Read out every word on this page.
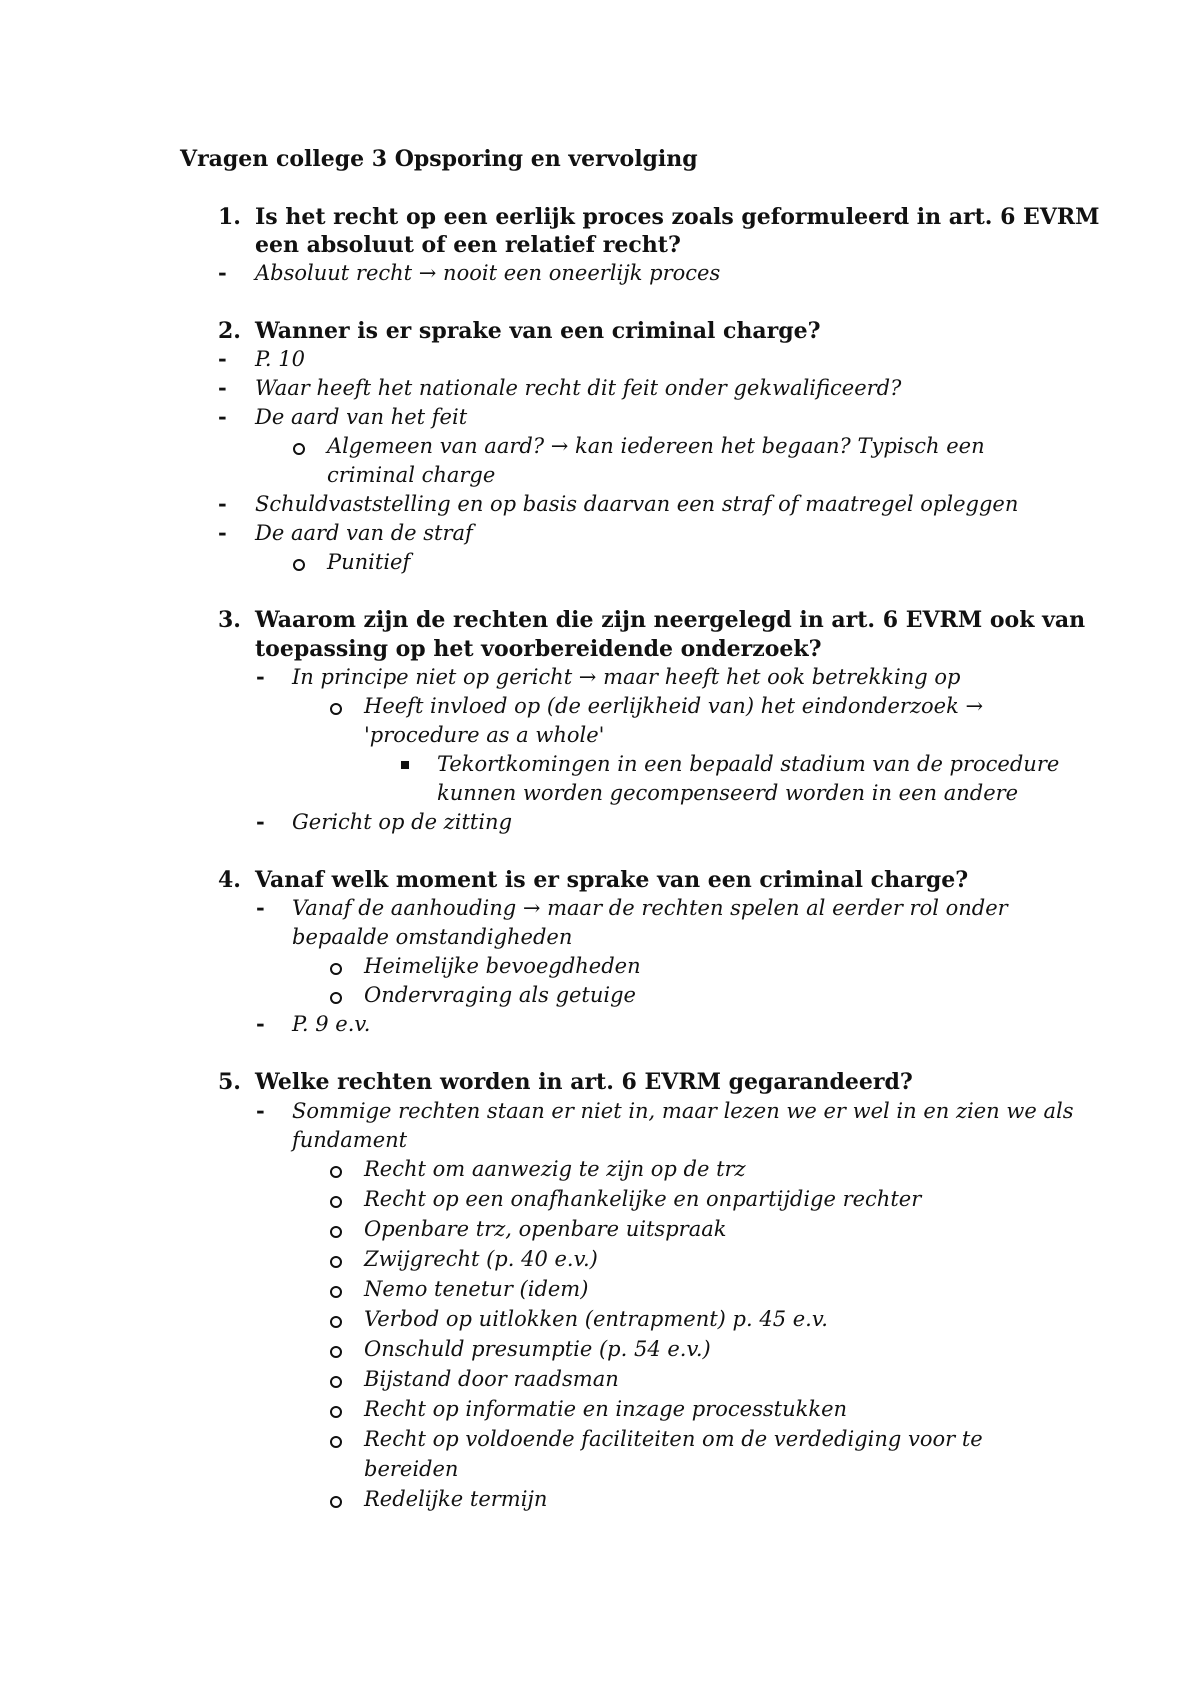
Vragen college 3 Opsporing en vervolging
1. Is het recht op een eerlijk proces zoals geformuleerd in art. 6 EVRM
een absoluut of een relatief recht?
- Absoluut recht → nooit een oneerlijk proces
2. Wanner is er sprake van een criminal charge?
- P. 10
- Waar heeft het nationale recht dit feit onder gekwalificeerd?
- De aard van het feit
Algemeen van aard? → kan iedereen het begaan? Typisch een
criminal charge
- Schuldvaststelling en op basis daarvan een straf of maatregel opleggen
- De aard van de straf
Punitief
3. Waarom zijn de rechten die zijn neergelegd in art. 6 EVRM ook van
toepassing op het voorbereidende onderzoek?
- In principe niet op gericht → maar heeft het ook betrekking op
Heeft invloed op (de eerlijkheid van) het eindonderzoek →
'procedure as a whole'
Tekortkomingen in een bepaald stadium van de procedure
kunnen worden gecompenseerd worden in een andere
- Gericht op de zitting
4. Vanaf welk moment is er sprake van een criminal charge?
- Vanaf de aanhouding → maar de rechten spelen al eerder rol onder
bepaalde omstandigheden
Heimelijke bevoegdheden
Ondervraging als getuige
- P. 9 e.v.
5. Welke rechten worden in art. 6 EVRM gegarandeerd?
- Sommige rechten staan er niet in, maar lezen we er wel in en zien we als
fundament
Recht om aanwezig te zijn op de trz
Recht op een onafhankelijke en onpartijdige rechter
Openbare trz, openbare uitspraak
Zwijgrecht (p. 40 e.v.)
Nemo tenetur (idem)
Verbod op uitlokken (entrapment) p. 45 e.v.
Onschuld presumptie (p. 54 e.v.)
Bijstand door raadsman
Recht op informatie en inzage processtukken
Recht op voldoende faciliteiten om de verdediging voor te
bereiden
Redelijke termijn
